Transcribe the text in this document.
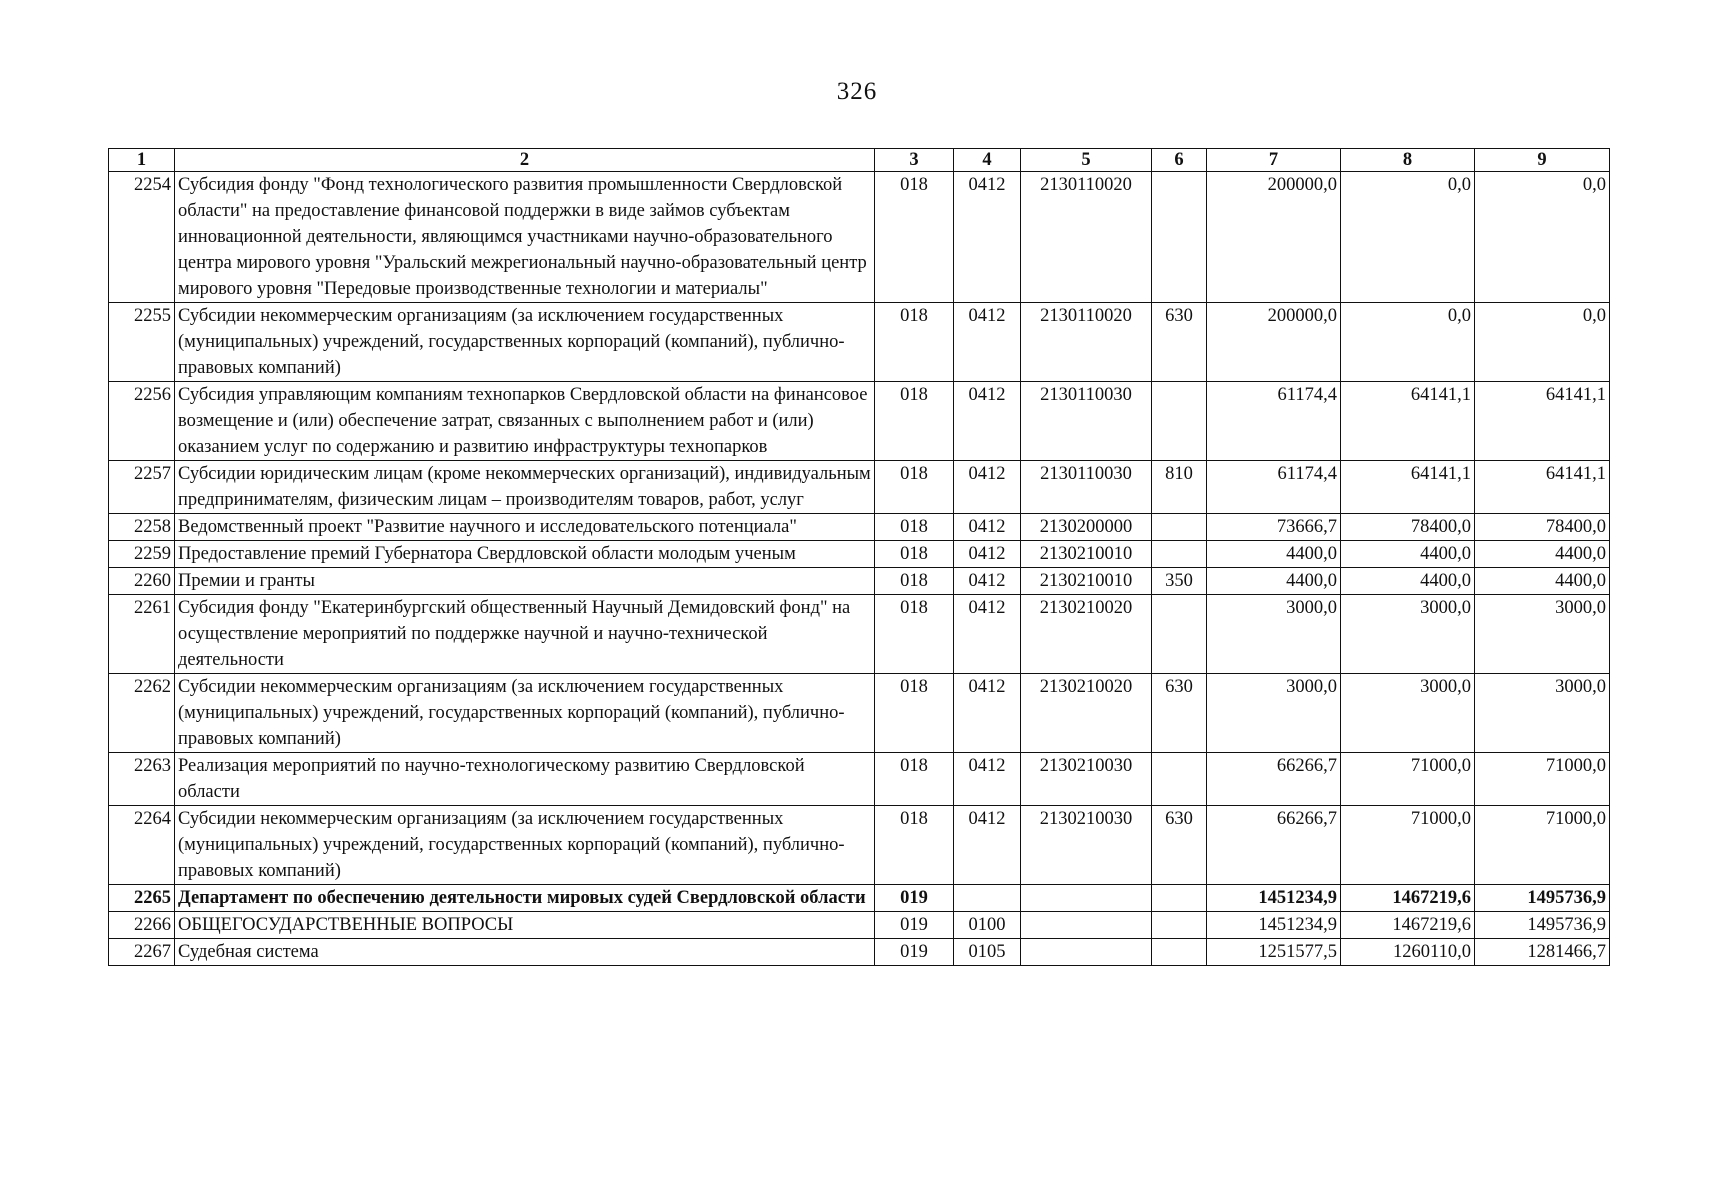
326
1	2	3	4	5	6	7	8	9
2254	Субсидия фонду "Фонд технологического развития промышленности Свердловской области" на предоставление финансовой поддержки в виде займов субъектам инновационной деятельности, являющимся участниками научно-образовательного центра мирового уровня "Уральский межрегиональный научно-образовательный центр мирового уровня "Передовые производственные технологии и материалы"	018	0412	2130110020		200000,0	0,0	0,0
2255	Субсидии некоммерческим организациям (за исключением государственных (муниципальных) учреждений, государственных корпораций (компаний), публично-правовых компаний)	018	0412	2130110020	630	200000,0	0,0	0,0
2256	Субсидия управляющим компаниям технопарков Свердловской области на финансовое возмещение и (или) обеспечение затрат, связанных с выполнением работ и (или) оказанием услуг по содержанию и развитию инфраструктуры технопарков	018	0412	2130110030		61174,4	64141,1	64141,1
2257	Субсидии юридическим лицам (кроме некоммерческих организаций), индивидуальным предпринимателям, физическим лицам – производителям товаров, работ, услуг	018	0412	2130110030	810	61174,4	64141,1	64141,1
2258	Ведомственный проект "Развитие научного и исследовательского потенциала"	018	0412	2130200000		73666,7	78400,0	78400,0
2259	Предоставление премий Губернатора Свердловской области молодым ученым	018	0412	2130210010		4400,0	4400,0	4400,0
2260	Премии и гранты	018	0412	2130210010	350	4400,0	4400,0	4400,0
2261	Субсидия фонду "Екатеринбургский общественный Научный Демидовский фонд" на осуществление мероприятий по поддержке научной и научно-технической деятельности	018	0412	2130210020		3000,0	3000,0	3000,0
2262	Субсидии некоммерческим организациям (за исключением государственных (муниципальных) учреждений, государственных корпораций (компаний), публично-правовых компаний)	018	0412	2130210020	630	3000,0	3000,0	3000,0
2263	Реализация мероприятий по научно-технологическому развитию Свердловской области	018	0412	2130210030		66266,7	71000,0	71000,0
2264	Субсидии некоммерческим организациям (за исключением государственных (муниципальных) учреждений, государственных корпораций (компаний), публично-правовых компаний)	018	0412	2130210030	630	66266,7	71000,0	71000,0
2265	Департамент по обеспечению деятельности мировых судей Свердловской области	019				1451234,9	1467219,6	1495736,9
2266	ОБЩЕГОСУДАРСТВЕННЫЕ ВОПРОСЫ	019	0100			1451234,9	1467219,6	1495736,9
2267	Судебная система	019	0105			1251577,5	1260110,0	1281466,7
